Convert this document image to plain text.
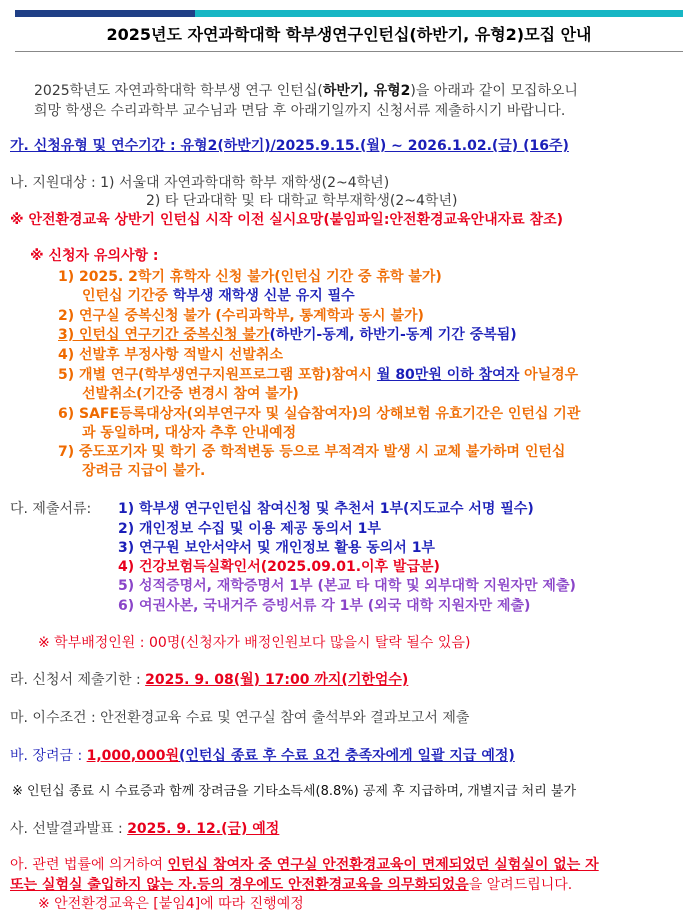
2025년도 자연과학대학 학부생연구인턴십(하반기, 유형2)모집 안내
2025학년도 자연과학대학 학부생 연구 인턴십(하반기, 유형2)을 아래과 같이 모집하오니
희망 학생은 수리과학부 교수님과 면담 후 아래기일까지 신청서류 제출하시기 바랍니다.
가. 신청유형 및 연수기간 : 유형2(하반기)/2025.9.15.(월) ∼ 2026.1.02.(금) (16주)
나. 지원대상 : 1) 서울대 자연과학대학 학부 재학생(2~4학년)
2) 타 단과대학 및 타 대학교 학부재학생(2~4학년)
※ 안전환경교육 상반기 인턴십 시작 이전 실시요망(붙임파일:안전환경교육안내자료 참조)
※ 신청자 유의사항 :
1) 2025. 2학기 휴학자 신청 불가(인턴십 기간 중 휴학 불가)
인턴십 기간중 학부생 재학생 신분 유지 필수
2) 연구실 중복신청 불가 (수리과학부, 통계학과 동시 불가)
3) 인턴십 연구기간 중복신청 불가(하반기-동계, 하반기-동계 기간 중복됨)
4) 선발후 부정사항 적발시 선발취소
5) 개별 연구(학부생연구지원프로그램 포함)참여시 월 80만원 이하 참여자 아닐경우
선발취소(기간중 변경시 참여 불가)
6) SAFE등록대상자(외부연구자 및 실습참여자)의 상해보험 유효기간은 인턴십 기관
과 동일하며, 대상자 추후 안내예정
7) 중도포기자 및 학기 중 학적변동 등으로 부적격자 발생 시 교체 불가하며 인턴십
장려금 지급이 불가.
다. 제출서류: 1) 학부생 연구인턴십 참여신청 및 추천서 1부(지도교수 서명 필수)
2) 개인정보 수집 및 이용 제공 동의서 1부
3) 연구원 보안서약서 및 개인정보 활용 동의서 1부
4) 건강보험득실확인서(2025.09.01.이후 발급분)
5) 성적증명서, 재학증명서 1부 (본교 타 대학 및 외부대학 지원자만 제출)
6) 여권사본, 국내거주 증빙서류 각 1부 (외국 대학 지원자만 제출)
※ 학부배정인원 : 00명(신청자가 배정인원보다 많을시 탈락 될수 있음)
라. 신청서 제출기한 : 2025. 9. 08(월) 17:00 까지(기한엄수)
마. 이수조건 : 안전환경교육 수료 및 연구실 참여 출석부와 결과보고서 제출
바. 장려금 : 1,000,000원(인턴십 종료 후 수료 요건 충족자에게 일괄 지급 예정)
※ 인턴십 종료 시 수료증과 함께 장려금을 기타소득세(8.8%) 공제 후 지급하며, 개별지급 처리 불가
사. 선발결과발표 : 2025. 9. 12.(금) 예정
아. 관련 법률에 의거하여 인턴십 참여자 중 연구실 안전환경교육이 면제되었던 실험실이 없는 자
또는 실험실 출입하지 않는 자.등의 경우에도 안전환경교육을 의무화되었음을 알려드립니다.
※ 안전환경교육은 [붙임4]에 따라 진행예정
